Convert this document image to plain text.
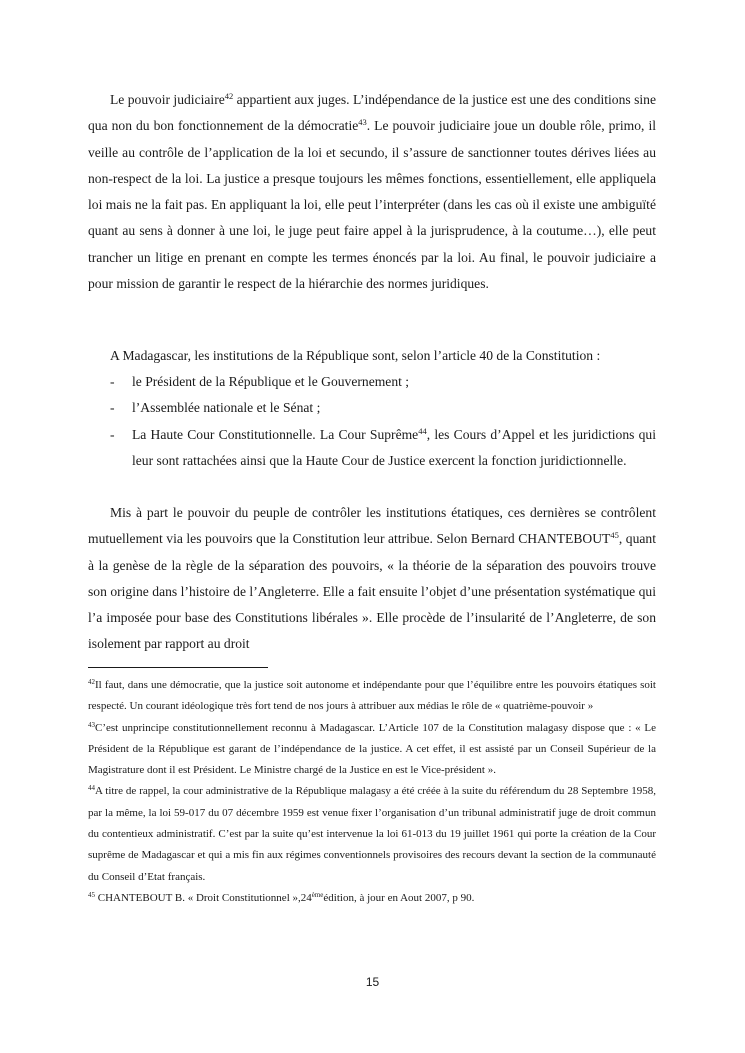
Le pouvoir judiciaire$^{42}$ appartient aux juges. L’indépendance de la justice est une des conditions sine qua non du bon fonctionnement de la démocratie$^{43}$. Le pouvoir judiciaire joue un double rôle, primo, il veille au contrôle de l’application de la loi et secundo, il s’assure de sanctionner toutes dérives liées au non-respect de la loi. La justice a presque toujours les mêmes fonctions, essentiellement, elle appliquela loi mais ne la fait pas. En appliquant la loi, elle peut l’interpréter (dans les cas où il existe une ambiguïté quant au sens à donner à une loi, le juge peut faire appel à la jurisprudence, à la coutume…), elle peut trancher un litige en prenant en compte les termes énoncés par la loi. Au final, le pouvoir judiciaire a pour mission de garantir le respect de la hiérarchie des normes juridiques.
A Madagascar, les institutions de la République sont, selon l’article 40 de la Constitution :
- le Président de la République et le Gouvernement ;
- l’Assemblée nationale et le Sénat ;
- La Haute Cour Constitutionnelle. La Cour Suprême$^{44}$, les Cours d’Appel et les juridictions qui leur sont rattachées ainsi que la Haute Cour de Justice exercent la fonction juridictionnelle.
Mis à part le pouvoir du peuple de contrôler les institutions étatiques, ces dernières se contrôlent mutuellement via les pouvoirs que la Constitution leur attribue. Selon Bernard CHANTEBOUT$^{45}$, quant à la genèse de la règle de la séparation des pouvoirs, « la théorie de la séparation des pouvoirs trouve son origine dans l’histoire de l’Angleterre. Elle a fait ensuite l’objet d’une présentation systématique qui l’a imposée pour base des Constitutions libérales ». Elle procède de l’insularité de l’Angleterre, de son isolement par rapport au droit

$^{42}$Il faut, dans une démocratie, que la justice soit autonome et indépendante pour que l’équilibre entre les pouvoirs étatiques soit respecté. Un courant idéologique très fort tend de nos jours à attribuer aux médias le rôle de « quatrième-pouvoir »

$^{43}$C’est unprincipe constitutionnellement reconnu à Madagascar. L’Article 107 de la Constitution malagasy dispose que : « Le Président de la République est garant de l’indépendance de la justice. A cet effet, il est assisté par un Conseil Supérieur de la Magistrature dont il est Président. Le Ministre chargé de la Justice en est le Vice-président ».

$^{44}$A titre de rappel, la cour administrative de la République malagasy a été créée à la suite du référendum du 28 Septembre 1958, par la même, la loi 59-017 du 07 décembre 1959 est venue fixer l’organisation d’un tribunal administratif juge de droit commun du contentieux administratif. C’est par la suite qu’est intervenue la loi 61-013 du 19 juillet 1961 qui porte la création de la Cour suprême de Madagascar et qui a mis fin aux régimes conventionnels provisoires des recours devant la section de la communauté du Conseil d’Etat français.

$^{45}$ CHANTEBOUT B. « Droit Constitutionnel »,24èmeédition, à jour en Aout 2007, p 90.

15
